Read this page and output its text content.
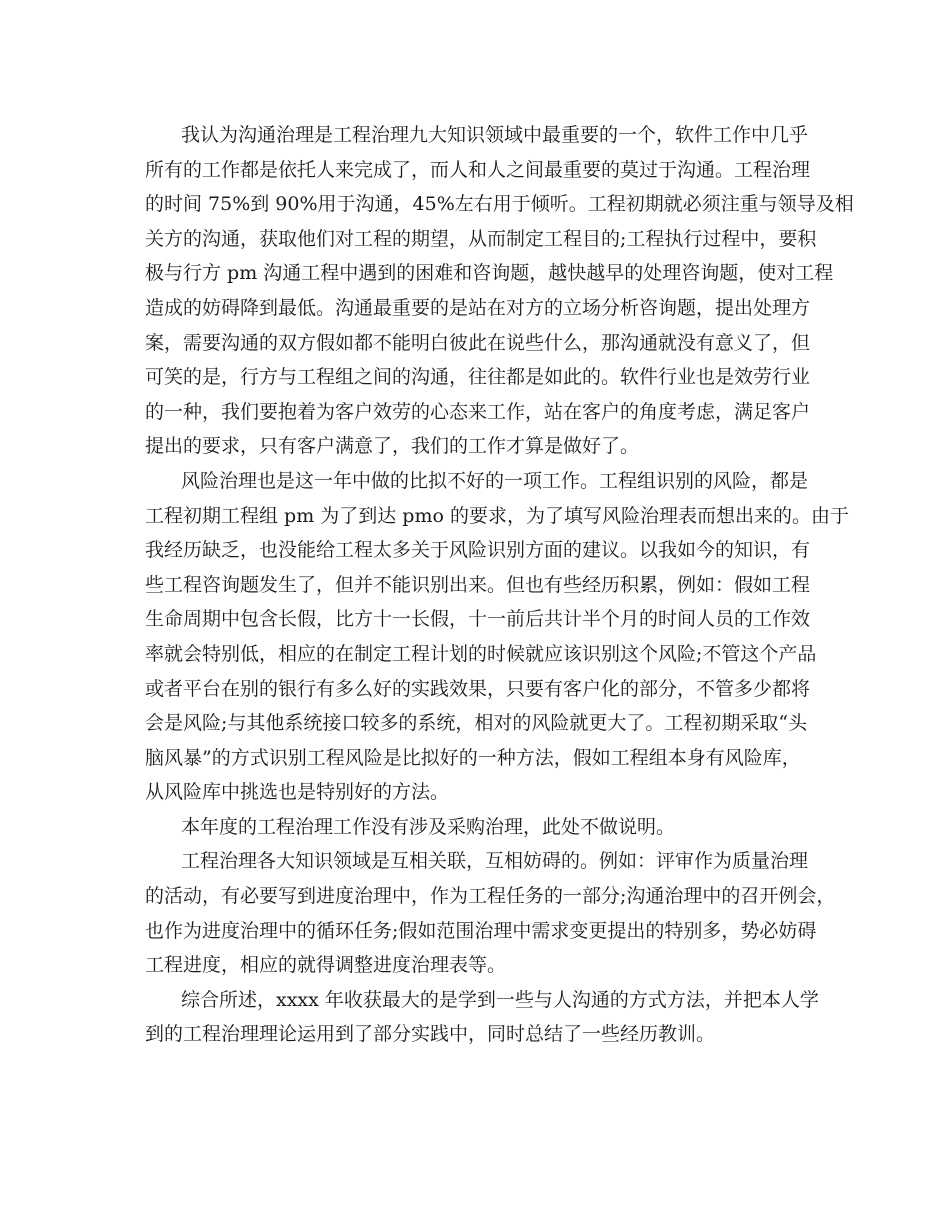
我认为沟通治理是工程治理九大知识领域中最重要的一个，软件工作中几乎
所有的工作都是依托人来完成了，而人和人之间最重要的莫过于沟通。工程治理
的时间 75%到 90%用于沟通，45%左右用于倾听。工程初期就必须注重与领导及相
关方的沟通，获取他们对工程的期望，从而制定工程目的;工程执行过程中，要积
极与行方 pm 沟通工程中遇到的困难和咨询题，越快越早的处理咨询题，使对工程
造成的妨碍降到最低。沟通最重要的是站在对方的立场分析咨询题，提出处理方
案，需要沟通的双方假如都不能明白彼此在说些什么，那沟通就没有意义了，但
可笑的是，行方与工程组之间的沟通，往往都是如此的。软件行业也是效劳行业
的一种，我们要抱着为客户效劳的心态来工作，站在客户的角度考虑，满足客户
提出的要求，只有客户满意了，我们的工作才算是做好了。
风险治理也是这一年中做的比拟不好的一项工作。工程组识别的风险，都是
工程初期工程组 pm 为了到达 pmo 的要求，为了填写风险治理表而想出来的。由于
我经历缺乏，也没能给工程太多关于风险识别方面的建议。以我如今的知识，有
些工程咨询题发生了，但并不能识别出来。但也有些经历积累，例如：假如工程
生命周期中包含长假，比方十一长假，十一前后共计半个月的时间人员的工作效
率就会特别低，相应的在制定工程计划的时候就应该识别这个风险;不管这个产品
或者平台在别的银行有多么好的实践效果，只要有客户化的部分，不管多少都将
会是风险;与其他系统接口较多的系统，相对的风险就更大了。工程初期采取“头
脑风暴”的方式识别工程风险是比拟好的一种方法，假如工程组本身有风险库，
从风险库中挑选也是特别好的方法。
本年度的工程治理工作没有涉及采购治理，此处不做说明。
工程治理各大知识领域是互相关联，互相妨碍的。例如：评审作为质量治理
的活动，有必要写到进度治理中，作为工程任务的一部分;沟通治理中的召开例会，
也作为进度治理中的循环任务;假如范围治理中需求变更提出的特别多，势必妨碍
工程进度，相应的就得调整进度治理表等。
综合所述，xxxx 年收获最大的是学到一些与人沟通的方式方法，并把本人学
到的工程治理理论运用到了部分实践中，同时总结了一些经历教训。
